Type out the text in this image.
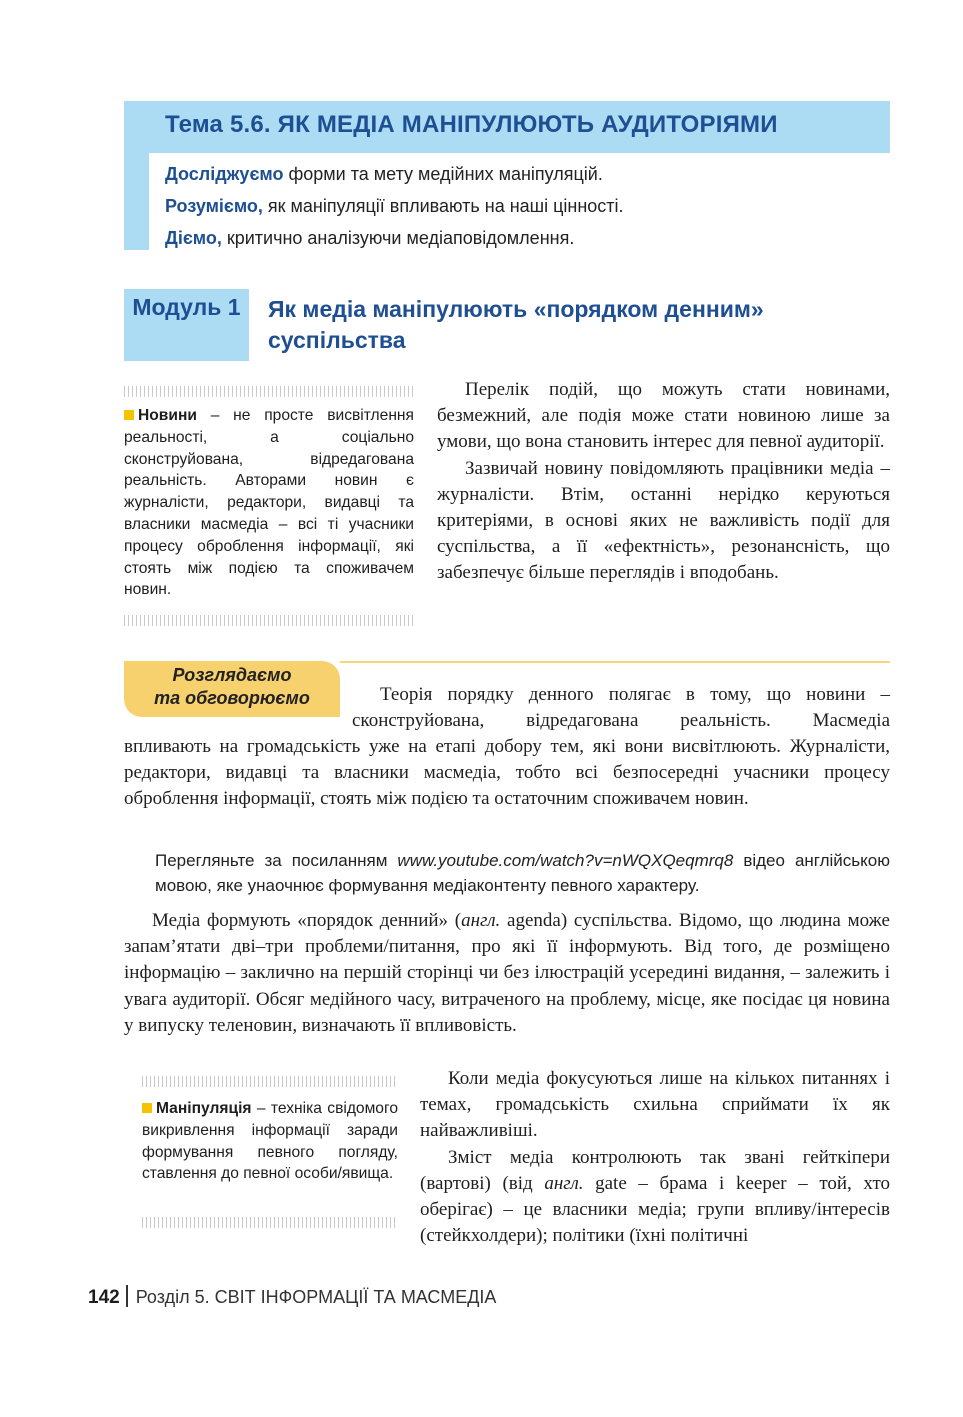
Тема 5.6. ЯК МЕДІА МАНІПУЛЮЮТЬ АУДИТОРІЯМИ
Досліджуємо форми та мету медійних маніпуляцій.
Розуміємо, як маніпуляції впливають на наші цінності.
Діємо, критично аналізуючи медіаповідомлення.
Модуль 1	Як медіа маніпулюють «порядком денним» суспільства
Новини – не просте висвітлення реальності, а соціально сконструйована, відредагована реальність. Авторами новин є журналісти, редактори, видавці та власники масмедіа – всі ті учасники процесу оброблення інформації, які стоять між подією та споживачем новин.

Перелік подій, що можуть стати новинами, безмежний, але подія може стати новиною лише за умови, що вона становить інтерес для певної аудиторії.

Зазвичай новину повідомляють працівники медіа – журналісти. Втім, останні нерідко керуються критеріями, в основі яких не важливість події для суспільства, а її «ефектність», резонансність, що забезпечує більше переглядів і вподобань.

Розглядаємо
та обговорюємо	Теорія порядку денного полягає в тому, що новини –
сконструйована, відредагована реальність. Масмедіа

впливають на громадськість уже на етапі добору тем, які вони висвітлюють. Журналісти, редактори, видавці та власники масмедіа, тобто всі безпосередні учасники процесу оброблення інформації, стоять між подією та остаточним споживачем новин.

Перегляньте за посиланням www.youtube.com/watch?v=nWQXQeqmrq8 відео англійською мовою, яке унаочнює формування медіаконтенту певного характеру.

Медіа формують «порядок денний» (англ. agenda) суспільства. Відомо, що людина може запам’ятати дві–три проблеми/питання, про які її інформують. Від того, де розміщено інформацію – заклично на першій сторінці чи без ілюстрацій усередині видання, – залежить і увага аудиторії. Обсяг медійного часу, витраченого на проблему, місце, яке посідає ця новина у випуску теленовин, визначають її впливовість.

Маніпуляція – техніка свідомого викривлення інформації заради формування певного погляду, ставлення до певної особи/явища.

Коли медіа фокусуються лише на кількох питаннях і темах, громадськість схильна сприймати їх як найважливіші.

Зміст медіа контролюють так звані гейткіпери (вартові) (від англ. gate – брама і keeper – той, хто оберігає) – це власники медіа; групи впливу/інтересів (стейкхолдери); політики (їхні політичні

142 Розділ 5. СВІТ ІНФОРМАЦІЇ ТА МАСМЕДІА
